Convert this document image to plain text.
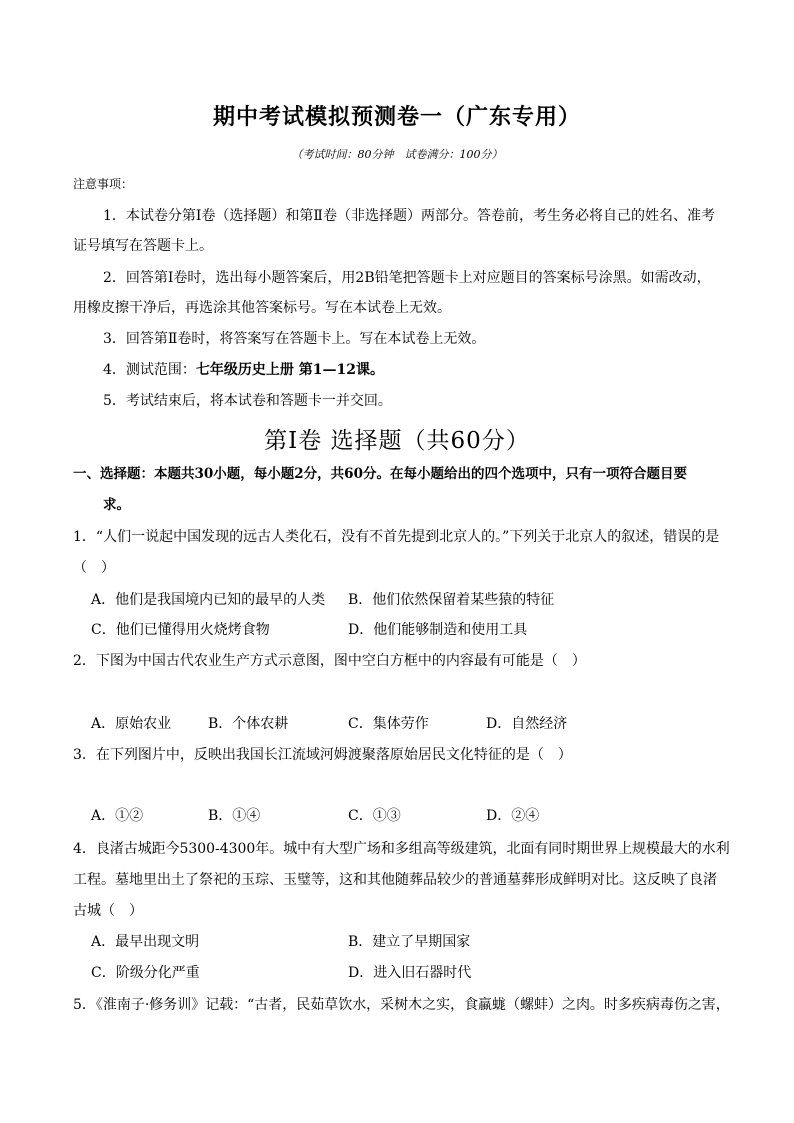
期中考试模拟预测卷一（广东专用）
（考试时间：80分钟　试卷满分：100分）
注意事项：
1．本试卷分第Ⅰ卷（选择题）和第Ⅱ卷（非选择题）两部分。答卷前，考生务必将自己的姓名、准考
证号填写在答题卡上。
2．回答第Ⅰ卷时，选出每小题答案后，用2B铅笔把答题卡上对应题目的答案标号涂黑。如需改动，
用橡皮擦干净后，再选涂其他答案标号。写在本试卷上无效。
3．回答第Ⅱ卷时，将答案写在答题卡上。写在本试卷上无效。
4．测试范围：七年级历史上册 第1—12课。
5．考试结束后，将本试卷和答题卡一并交回。
第Ⅰ卷 选择题（共60分）
一、选择题：本题共30小题，每小题2分，共60分。在每小题给出的四个选项中，只有一项符合题目要
求。
1．“人们一说起中国发现的远古人类化石，没有不首先提到北京人的。”下列关于北京人的叙述，错误的是
（　）
A．他们是我国境内已知的最早的人类 B．他们依然保留着某些猿的特征
C．他们已懂得用火烧烤食物	D．他们能够制造和使用工具
2．下图为中国古代农业生产方式示意图，图中空白方框中的内容最有可能是（　）
A．原始农业	B．个体农耕	C．集体劳作	D．自然经济
3．在下列图片中，反映出我国长江流域河姆渡聚落原始居民文化特征的是（　）
A．①②	B．①④	C．①③	D．②④
4．良渚古城距今5300-4300年。城中有大型广场和多组高等级建筑，北面有同时期世界上规模最大的水利
工程。墓地里出土了祭祀的玉琮、玉璧等，这和其他随葬品较少的普通墓葬形成鲜明对比。这反映了良渚
古城（　）
A．最早出现文明	B．建立了早期国家
C．阶级分化严重	D．进入旧石器时代
5．《淮南子·修务训》记载：“古者，民茹草饮水，采树木之实，食蠃蛖（螺蚌）之肉。时多疾病毒伤之害，
